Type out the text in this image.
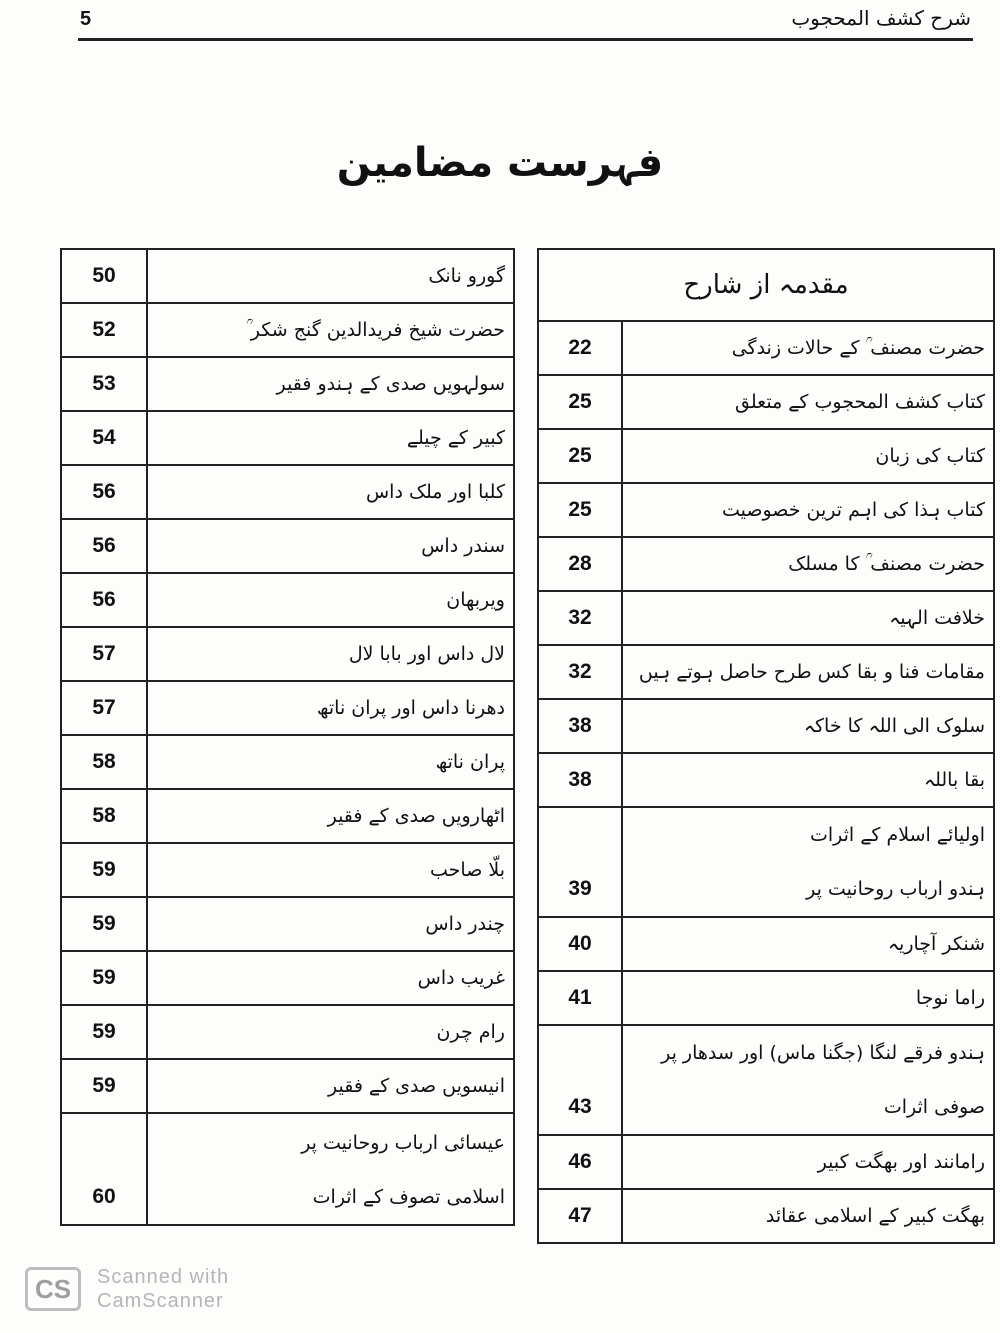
5	شرح کشف المحجوب
فہرست مضامین
مقدمہ از شارح	

حضرت مصنف ؒ کے حالات زندگی	22

کتاب کشف المحجوب کے متعلق	25

کتاب کی زبان	25

کتاب ہذا کی اہم ترین خصوصیت	25

حضرت مصنف ؒ کا مسلک	28

خلافت الہیہ	32

مقامات فنا و بقا کس طرح حاصل ہوتے ہیں	32

سلوک الی اللہ کا خاکہ	38

بقا باللہ	38

اولیائے اسلام کے اثرات
ہندو ارباب روحانیت پر	39

شنکر آچاریہ	40

راما نوجا	41

ہندو فرقے لنگا (جگنا ماس) اور سدھار پر
صوفی اثرات	43

رامانند اور بھگت کبیر	46

بھگت کبیر کے اسلامی عقائد	47
گورو نانک	50

حضرت شیخ فریدالدین گنج شکر ؒ	52

سولہویں صدی کے ہندو فقیر	53

کبیر کے چیلے	54

کلبا اور ملک داس	56

سندر داس	56

ویربھان	56

لال داس اور بابا لال	57

دھرنا داس اور پران ناتھ	57

پران ناتھ	58

اٹھارویں صدی کے فقیر	58

بلّا صاحب	59

چندر داس	59

غریب داس	59

رام چرن	59

انیسویں صدی کے فقیر	59

عیسائی ارباب روحانیت پر
اسلامی تصوف کے اثرات	60
CS	Scanned with
CamScanner
